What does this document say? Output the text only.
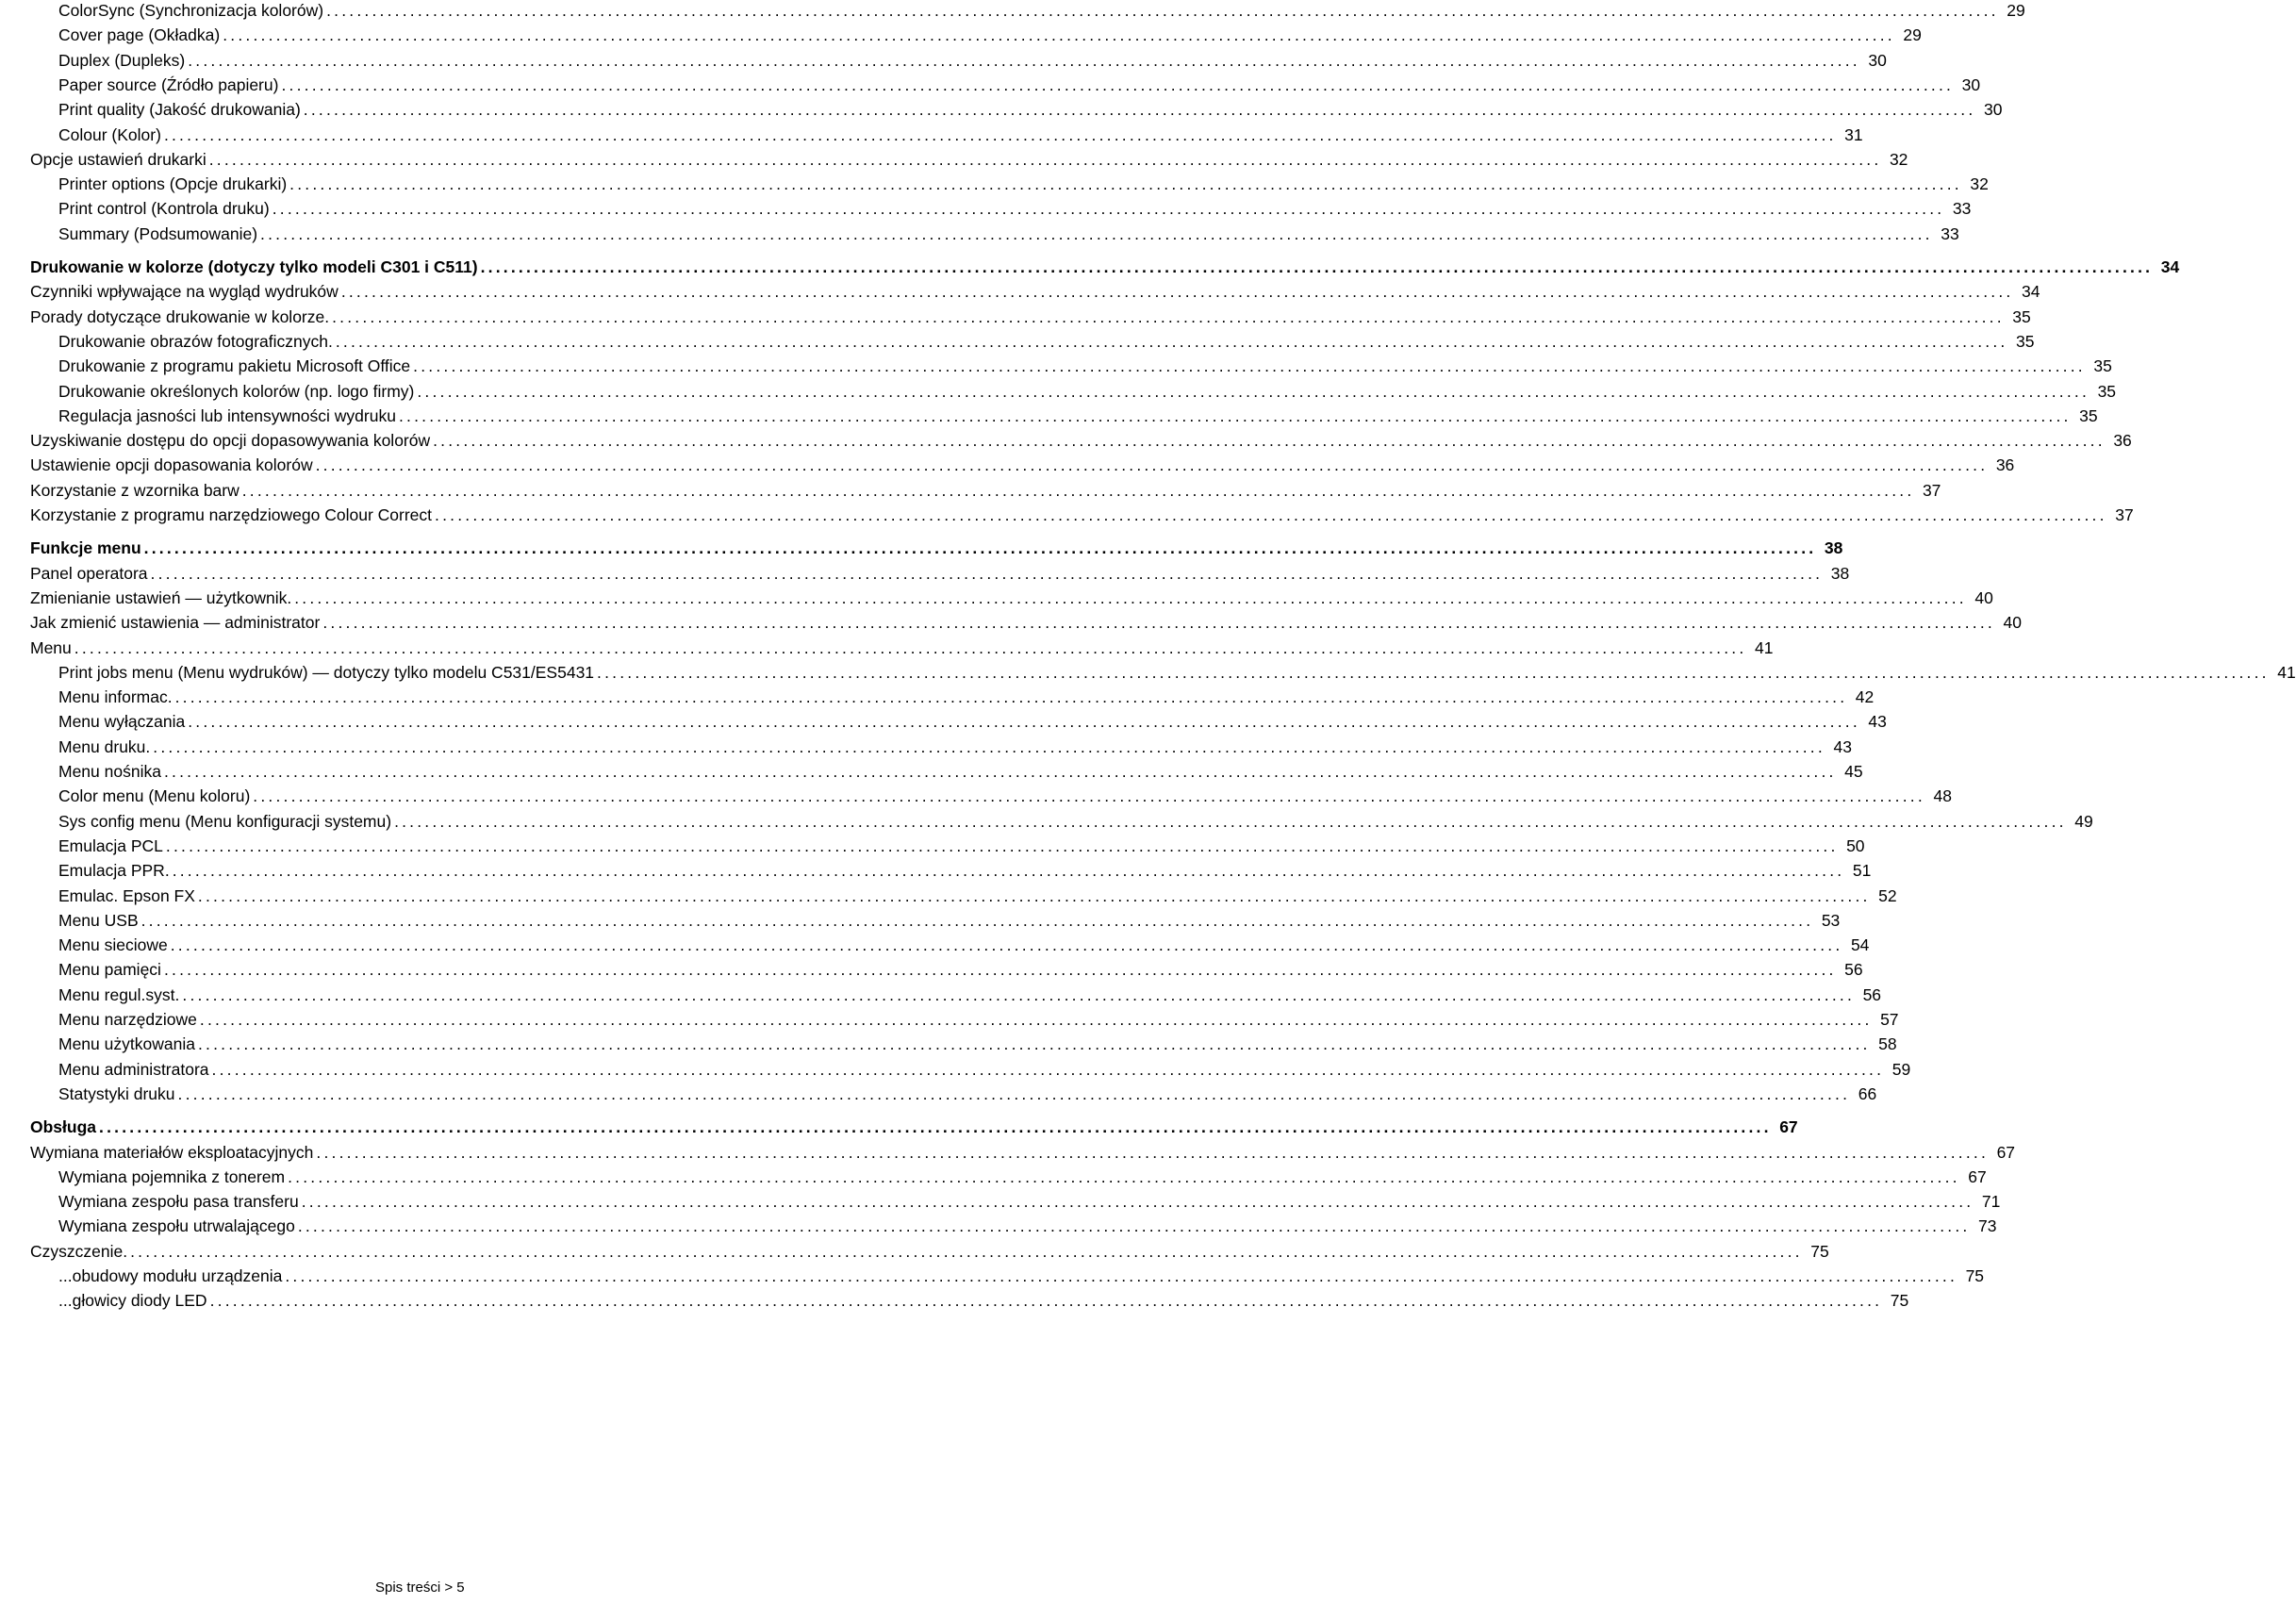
ColorSync (Synchronizacja kolorów) ............................................................................................................................................................................................................................ 29
Cover page (Okładka) ............................................................................................................................................................................................................................ 29
Duplex (Dupleks) ............................................................................................................................................................................................................................ 30
Paper source (Źródło papieru) ............................................................................................................................................................................................................................ 30
Print quality (Jakość drukowania) ............................................................................................................................................................................................................................ 30
Colour (Kolor) ............................................................................................................................................................................................................................ 31
Opcje ustawień drukarki ............................................................................................................................................................................................................................ 32
Printer options (Opcje drukarki) ............................................................................................................................................................................................................................ 32
Print control (Kontrola druku) ............................................................................................................................................................................................................................ 33
Summary (Podsumowanie) ............................................................................................................................................................................................................................ 33
Drukowanie w kolorze (dotyczy tylko modeli C301 i C511) ............................................................................................................................................................................................................................ 34
Czynniki wpływające na wygląd wydruków ............................................................................................................................................................................................................................ 34
Porady dotyczące drukowanie w kolorze. ............................................................................................................................................................................................................................ 35
Drukowanie obrazów fotograficznych. ............................................................................................................................................................................................................................ 35
Drukowanie z programu pakietu Microsoft Office ............................................................................................................................................................................................................................ 35
Drukowanie określonych kolorów (np. logo firmy) ............................................................................................................................................................................................................................ 35
Regulacja jasności lub intensywności wydruku ............................................................................................................................................................................................................................ 35
Uzyskiwanie dostępu do opcji dopasowywania kolorów ............................................................................................................................................................................................................................ 36
Ustawienie opcji dopasowania kolorów ............................................................................................................................................................................................................................ 36
Korzystanie z wzornika barw ............................................................................................................................................................................................................................ 37
Korzystanie z programu narzędziowego Colour Correct ............................................................................................................................................................................................................................ 37
Funkcje menu ............................................................................................................................................................................................................................ 38
Panel operatora ............................................................................................................................................................................................................................ 38
Zmienianie ustawień — użytkownik. ............................................................................................................................................................................................................................ 40
Jak zmienić ustawienia — administrator ............................................................................................................................................................................................................................ 40
Menu ............................................................................................................................................................................................................................ 41
Print jobs menu (Menu wydruków) — dotyczy tylko modelu C531/ES5431 ............................................................................................................................................................................................................................ 41
Menu informac. ............................................................................................................................................................................................................................ 42
Menu wyłączania ............................................................................................................................................................................................................................ 43
Menu druku. ............................................................................................................................................................................................................................ 43
Menu nośnika ............................................................................................................................................................................................................................ 45
Color menu (Menu koloru) ............................................................................................................................................................................................................................ 48
Sys config menu (Menu konfiguracji systemu) ............................................................................................................................................................................................................................ 49
Emulacja PCL ............................................................................................................................................................................................................................ 50
Emulacja PPR. ............................................................................................................................................................................................................................ 51
Emulac. Epson FX ............................................................................................................................................................................................................................ 52
Menu USB ............................................................................................................................................................................................................................ 53
Menu sieciowe ............................................................................................................................................................................................................................ 54
Menu pamięci ............................................................................................................................................................................................................................ 56
Menu regul.syst. ............................................................................................................................................................................................................................ 56
Menu narzędziowe ............................................................................................................................................................................................................................ 57
Menu użytkowania ............................................................................................................................................................................................................................ 58
Menu administratora ............................................................................................................................................................................................................................ 59
Statystyki druku ............................................................................................................................................................................................................................ 66
Obsługa ............................................................................................................................................................................................................................ 67
Wymiana materiałów eksploatacyjnych ............................................................................................................................................................................................................................ 67
Wymiana pojemnika z tonerem ............................................................................................................................................................................................................................ 67
Wymiana zespołu pasa transferu ............................................................................................................................................................................................................................ 71
Wymiana zespołu utrwalającego ............................................................................................................................................................................................................................ 73
Czyszczenie. ............................................................................................................................................................................................................................ 75
...obudowy modułu urządzenia ............................................................................................................................................................................................................................ 75
...głowicy diody LED ............................................................................................................................................................................................................................ 75
Spis treści > 5
